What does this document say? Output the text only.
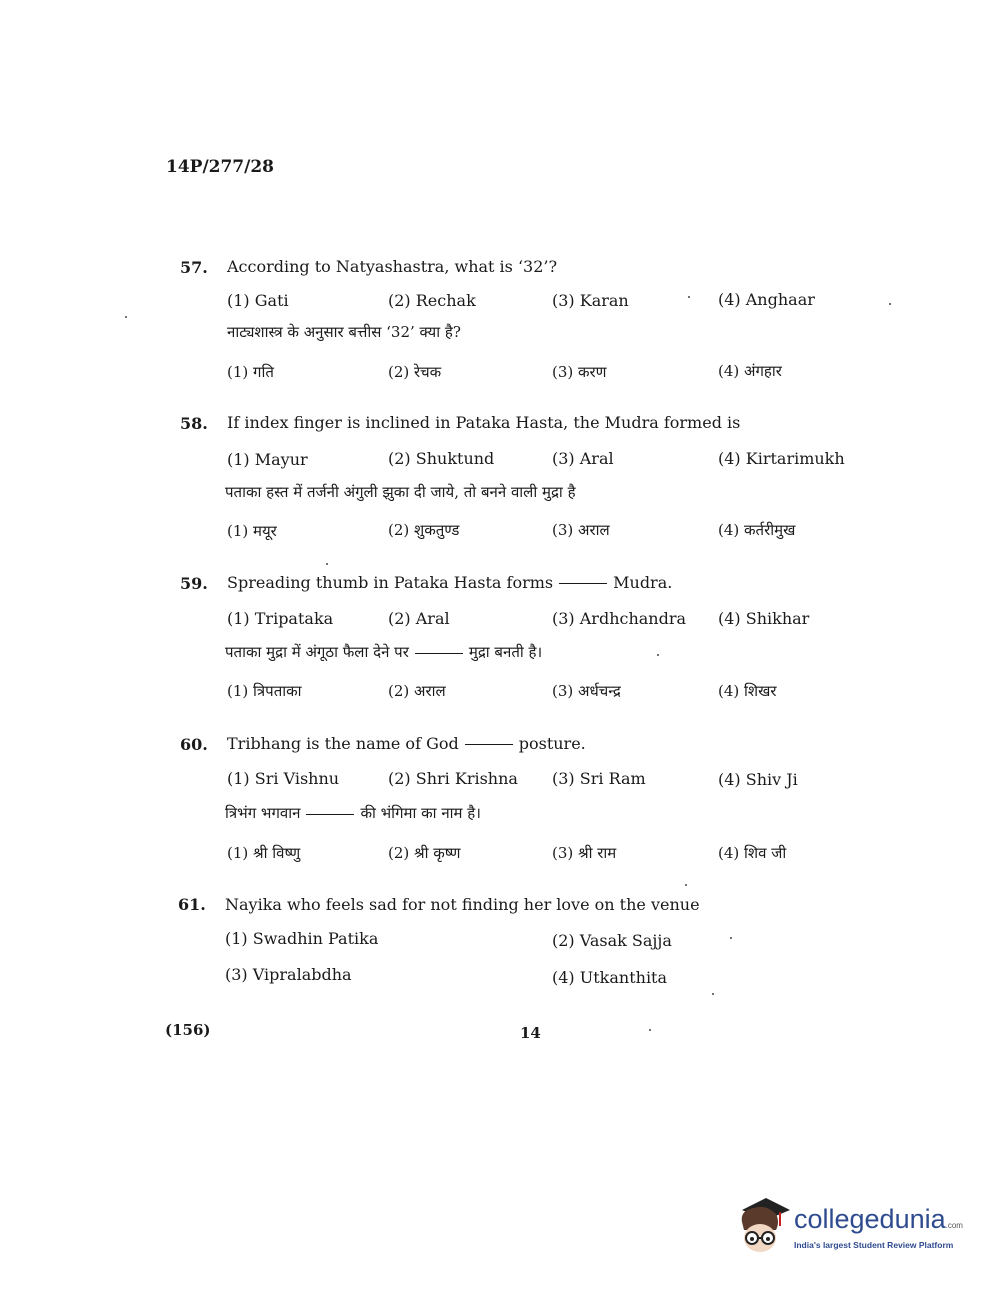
14P/277/28
57. According to Natyashastra, what is ‘32’?
(1) Gati	(2) Rechak	(3) Karan	(4) Anghaar
नाट्यशास्त्र के अनुसार बत्तीस ‘32’ क्या है?
(1) गति	(2) रेचक	(3) करण	(4) अंगहार
58. If index finger is inclined in Pataka Hasta, the Mudra formed is
(1) Mayur	(2) Shuktund	(3) Aral	(4) Kirtarimukh
पताका हस्त में तर्जनी अंगुली झुका दी जाये, तो बनने वाली मुद्रा है
(1) मयूर	(2) शुकतुण्ड	(3) अराल	(4) कर्तरीमुख
59. Spreading thumb in Pataka Hasta forms	Mudra.
(1) Tripataka	(2) Aral	(3) Ardhchandra (4) Shikhar
पताका मुद्रा में अंगूठा फैला देने पर	मुद्रा बनती है।
(1) त्रिपताका	(2) अराल	(3) अर्धचन्द्र	(4) शिखर
60. Tribhang is the name of God	posture.
(1) Sri Vishnu	(2) Shri Krishna (3) Sri Ram	(4) Shiv Ji
त्रिभंग भगवान	की भंगिमा का नाम है।
(1) श्री विष्णु	(2) श्री कृष्ण	(3) श्री राम	(4) शिव जी
61. Nayika who feels sad for not finding her love on the venue
(1) Swadhin Patika	(2) Vasak Sajja
(3) Vipralabdha	(4) Utkanthita
(156)	14
collegedunia.com
India's largest Student Review Platform
